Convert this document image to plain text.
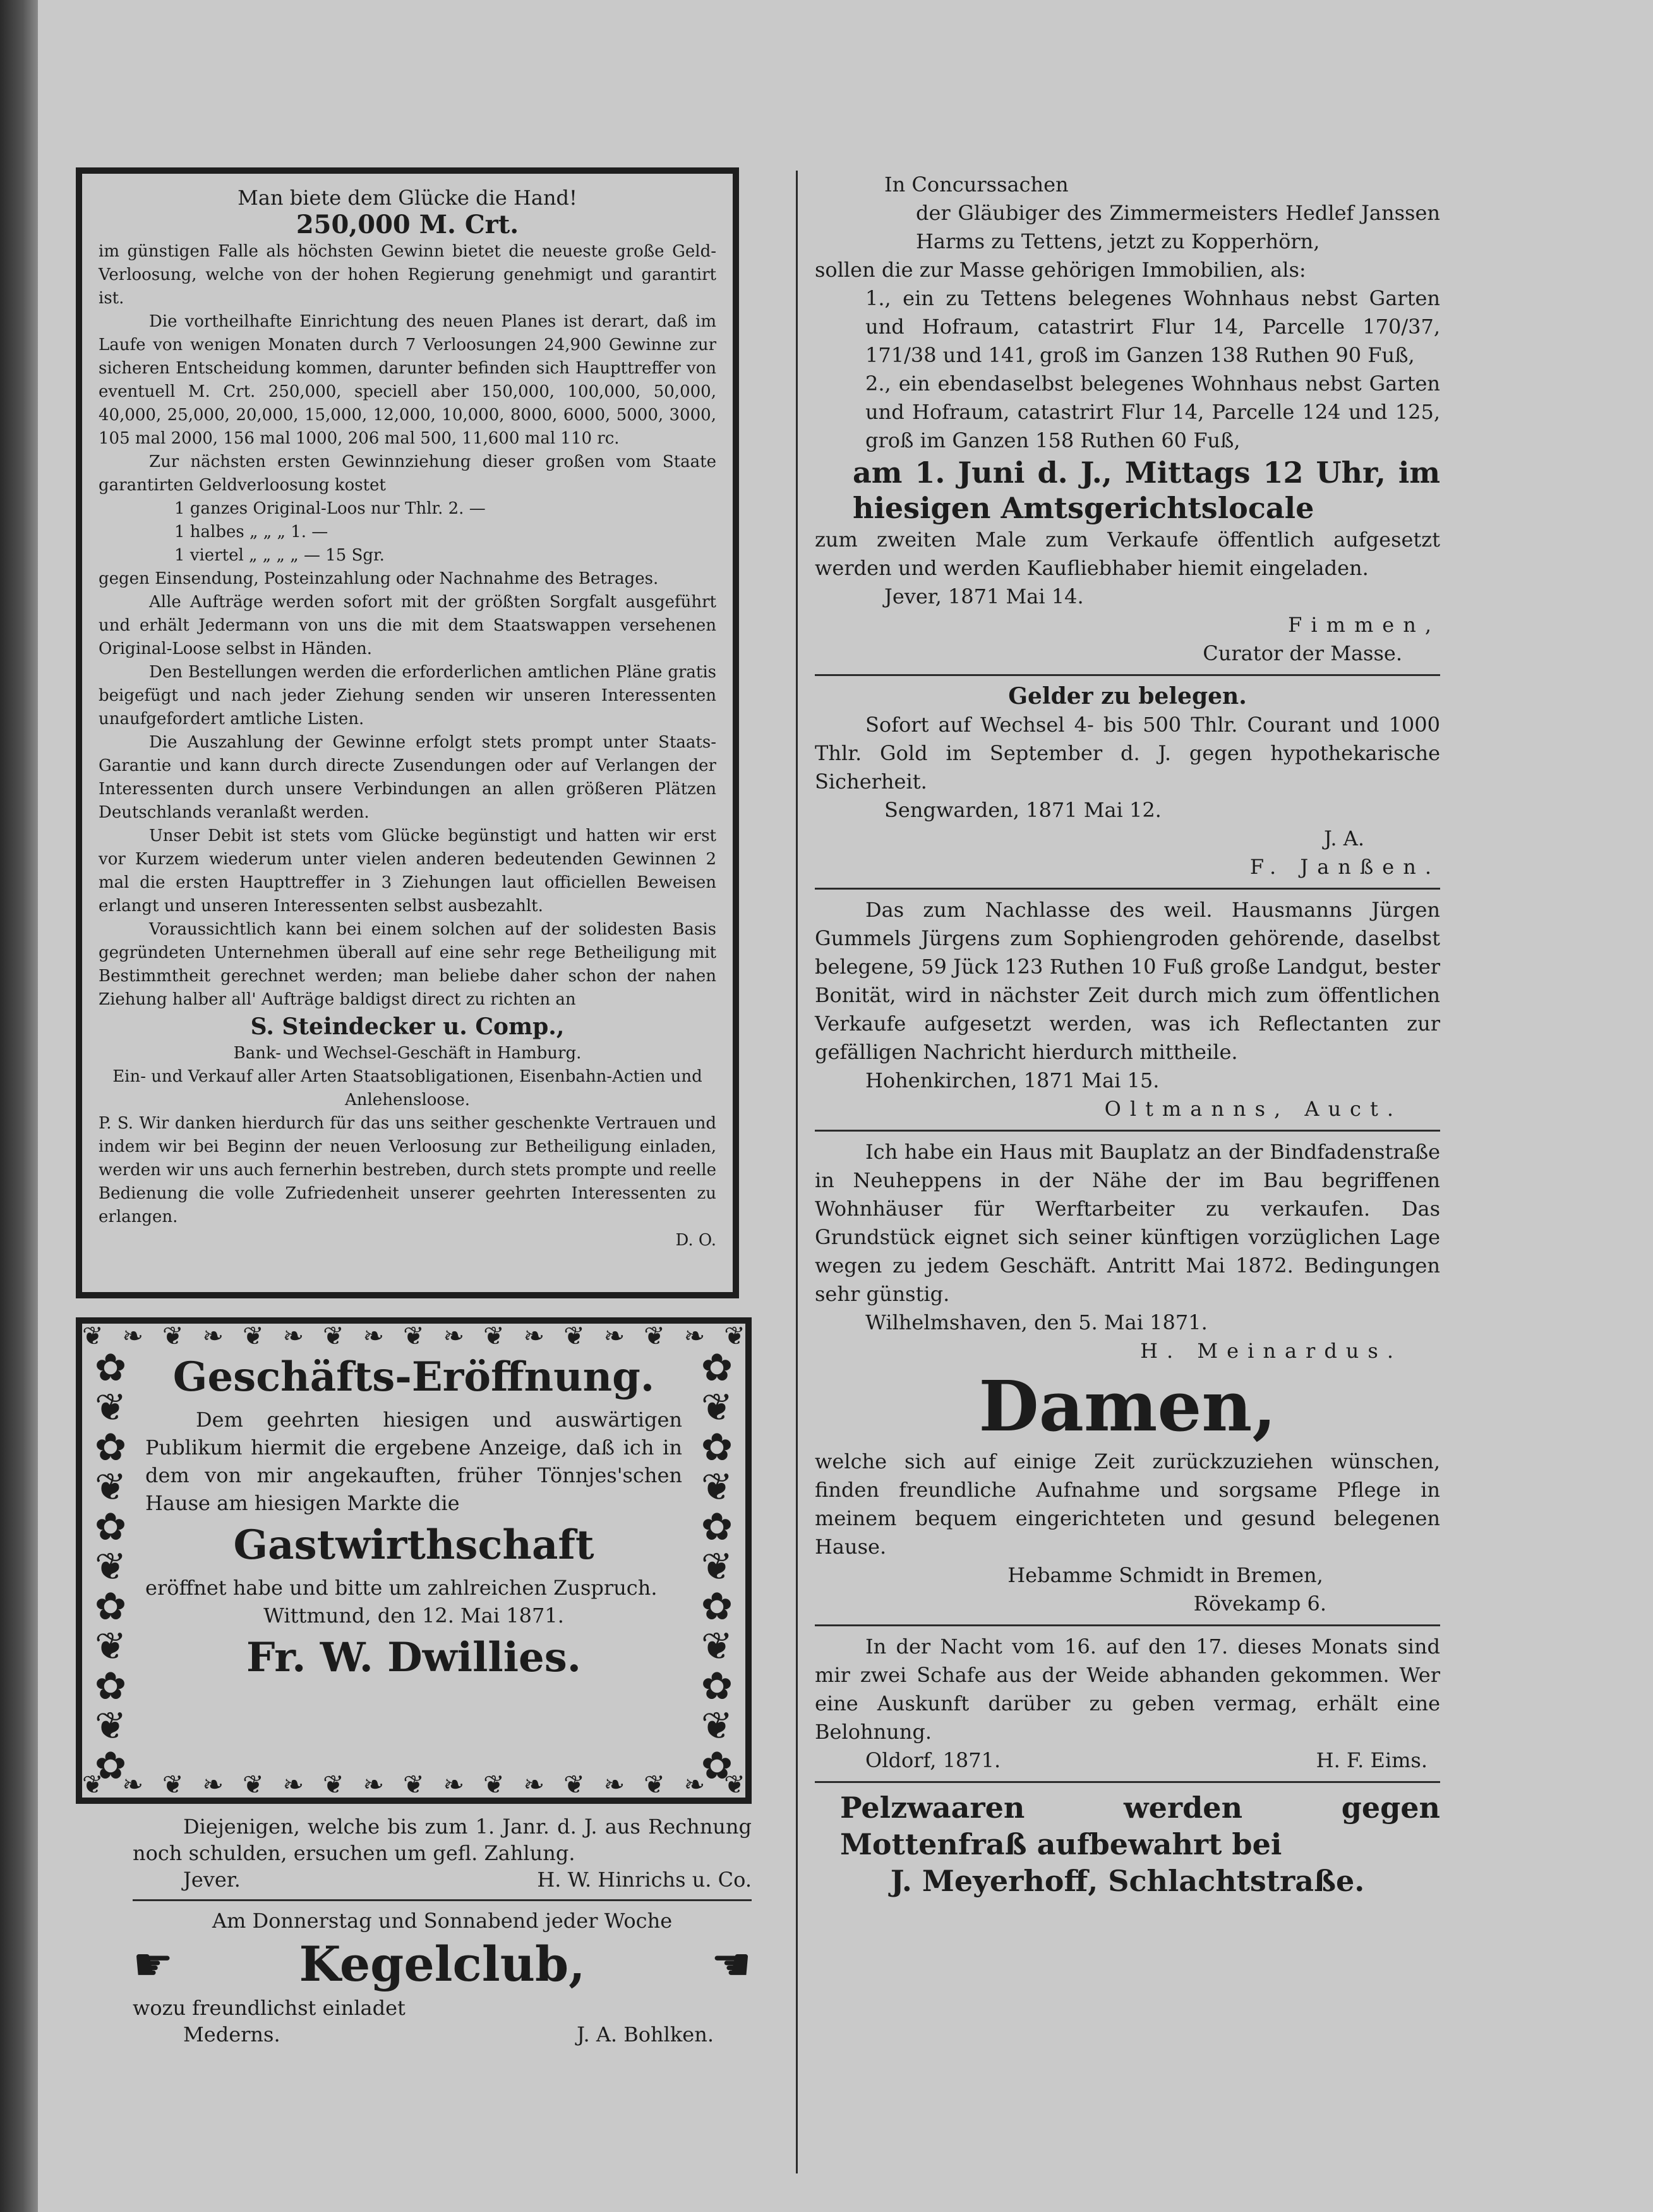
Man biete dem Glücke die Hand!

250,000 M. Crt.

im günstigen Falle als höchsten Gewinn bietet die neueste große Geld-Verloosung, welche von der hohen Regierung genehmigt und garantirt ist.

Die vortheilhafte Einrichtung des neuen Planes ist derart, daß im Laufe von wenigen Monaten durch 7 Verloosungen 24,900 Gewinne zur sicheren Entscheidung kommen, darunter befinden sich Haupttreffer von eventuell M. Crt. 250,000, speciell aber 150,000, 100,000, 50,000, 40,000, 25,000, 20,000, 15,000, 12,000, 10,000, 8000, 6000, 5000, 3000, 105 mal 2000, 156 mal 1000, 206 mal 500, 11,600 mal 110 rc.

Zur nächsten ersten Gewinnziehung dieser großen vom Staate garantirten Geldverloosung kostet

1 ganzes Original-Loos nur Thlr. 2. —

1 halbes „ „ „ 1. —

1 viertel „ „ „ „ — 15 Sgr.

gegen Einsendung, Posteinzahlung oder Nachnahme des Betrages.

Alle Aufträge werden sofort mit der größten Sorgfalt ausgeführt und erhält Jedermann von uns die mit dem Staatswappen versehenen Original-Loose selbst in Händen.

Den Bestellungen werden die erforderlichen amtlichen Pläne gratis beigefügt und nach jeder Ziehung senden wir unseren Interessenten unaufgefordert amtliche Listen.

Die Auszahlung der Gewinne erfolgt stets prompt unter Staats-Garantie und kann durch directe Zusendungen oder auf Verlangen der Interessenten durch unsere Verbindungen an allen größeren Plätzen Deutschlands veranlaßt werden.

Unser Debit ist stets vom Glücke begünstigt und hatten wir erst vor Kurzem wiederum unter vielen anderen bedeutenden Gewinnen 2 mal die ersten Haupttreffer in 3 Ziehungen laut officiellen Beweisen erlangt und unseren Interessenten selbst ausbezahlt.

Voraussichtlich kann bei einem solchen auf der solidesten Basis gegründeten Unternehmen überall auf eine sehr rege Betheiligung mit Bestimmtheit gerechnet werden; man beliebe daher schon der nahen Ziehung halber all' Aufträge baldigst direct zu richten an

S. Steindecker u. Comp.,

Bank- und Wechsel-Geschäft in Hamburg.

Ein- und Verkauf aller Arten Staatsobligationen, Eisenbahn-Actien und Anlehensloose.

P. S. Wir danken hierdurch für das uns seither geschenkte Vertrauen und indem wir bei Beginn der neuen Verloosung zur Betheiligung einladen, werden wir uns auch fernerhin bestreben, durch stets prompte und reelle Bedienung die volle Zufriedenheit unserer geehrten Interessenten zu erlangen.

D. O.

❦ ❧ ❦ ❧ ❦ ❧ ❦ ❧ ❦ ❧ ❦ ❧ ❦ ❧ ❦ ❧ ❦
✿
❦
✿
❦
✿
❦
✿
❦
✿
❦
✿
✿
❦
✿
❦
✿
❦
✿
❦
✿
❦
✿

Geschäfts-Eröffnung.

Dem geehrten hiesigen und auswärtigen Publikum hiermit die ergebene Anzeige, daß ich in dem von mir angekauften, früher Tönnjes'schen Hause am hiesigen Markte die

Gastwirthschaft

eröffnet habe und bitte um zahlreichen Zuspruch.

Wittmund, den 12. Mai 1871.

Fr. W. Dwillies.

❦ ❧ ❦ ❧ ❦ ❧ ❦ ❧ ❦ ❧ ❦ ❧ ❦ ❧ ❦ ❧ ❦

Diejenigen, welche bis zum 1. Janr. d. J. aus Rechnung noch schulden, ersuchen um gefl. Zahlung.

Jever.	H. W. Hinrichs u. Co.

Am Donnerstag und Sonnabend jeder Woche

☛	Kegelclub,	☚

wozu freundlichst einladet

Mederns.	J. A. Bohlken.

In Concurssachen

der Gläubiger des Zimmermeisters Hedlef Janssen Harms zu Tettens, jetzt zu Kopperhörn,

sollen die zur Masse gehörigen Immobilien, als:

1., ein zu Tettens belegenes Wohnhaus nebst Garten und Hofraum, catastrirt Flur 14, Parcelle 170/37, 171/38 und 141, groß im Ganzen 138 Ruthen 90 Fuß,

2., ein ebendaselbst belegenes Wohnhaus nebst Garten und Hofraum, catastrirt Flur 14, Parcelle 124 und 125, groß im Ganzen 158 Ruthen 60 Fuß,

am 1. Juni d. J., Mittags 12 Uhr, im hiesigen Amtsgerichtslocale

zum zweiten Male zum Verkaufe öffentlich aufgesetzt werden und werden Kaufliebhaber hiemit eingeladen.

Jever, 1871 Mai 14.

Fimmen,

Curator der Masse.

Gelder zu belegen.

Sofort auf Wechsel 4- bis 500 Thlr. Courant und 1000 Thlr. Gold im September d. J. gegen hypothekarische Sicherheit.

Sengwarden, 1871 Mai 12.

J. A.

F. Janßen.

Das zum Nachlasse des weil. Hausmanns Jürgen Gummels Jürgens zum Sophiengroden gehörende, daselbst belegene, 59 Jück 123 Ruthen 10 Fuß große Landgut, bester Bonität, wird in nächster Zeit durch mich zum öffentlichen Verkaufe aufgesetzt werden, was ich Reflectanten zur gefälligen Nachricht hierdurch mittheile.

Hohenkirchen, 1871 Mai 15.

Oltmanns, Auct.

Ich habe ein Haus mit Bauplatz an der Bindfadenstraße in Neuheppens in der Nähe der im Bau begriffenen Wohnhäuser für Werftarbeiter zu verkaufen. Das Grundstück eignet sich seiner künftigen vorzüglichen Lage wegen zu jedem Geschäft. Antritt Mai 1872. Bedingungen sehr günstig.

Wilhelmshaven, den 5. Mai 1871.

H. Meinardus.

Damen,

welche sich auf einige Zeit zurückzuziehen wünschen, finden freundliche Aufnahme und sorgsame Pflege in meinem bequem eingerichteten und gesund belegenen Hause.

Hebamme Schmidt in Bremen,

Rövekamp 6.

In der Nacht vom 16. auf den 17. dieses Monats sind mir zwei Schafe aus der Weide abhanden gekommen. Wer eine Auskunft darüber zu geben vermag, erhält eine Belohnung.

Oldorf, 1871.	H. F. Eims.

Pelzwaaren werden gegen Mottenfraß aufbewahrt bei

J. Meyerhoff, Schlachtstraße.
